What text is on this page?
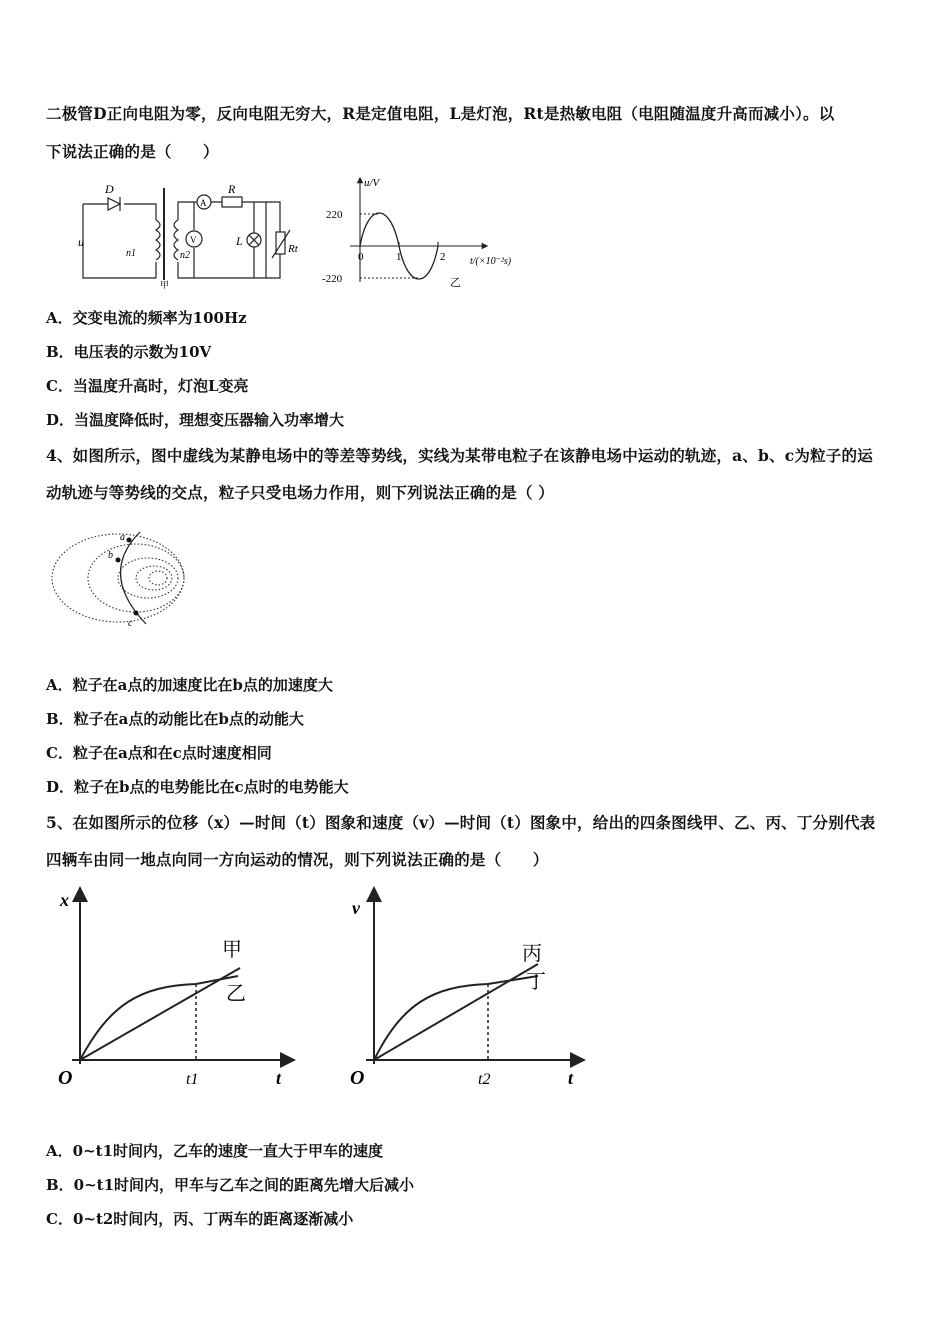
二极管D正向电阻为零，反向电阻无穷大，R是定值电阻，L是灯泡，Rt是热敏电阻（电阻随温度升高而减小）。以
下说法正确的是（　　）
D
u
n1	n2
A
V
R
L
Rt
甲
u/V
220
-220
0	1	2 t/(×10⁻²s)
乙
A．交变电流的频率为100Hz
B．电压表的示数为10V
C．当温度升高时，灯泡L变亮
D．当温度降低时，理想变压器输入功率增大
4、如图所示，图中虚线为某静电场中的等差等势线，实线为某带电粒子在该静电场中运动的轨迹，a、b、c为粒子的运
动轨迹与等势线的交点，粒子只受电场力作用，则下列说法正确的是（ ）
a
b
c
A．粒子在a点的加速度比在b点的加速度大
B．粒子在a点的动能比在b点的动能大
C．粒子在a点和在c点时速度相同
D．粒子在b点的电势能比在c点时的电势能大
5、在如图所示的位移（x）—时间（t）图象和速度（v）—时间（t）图象中，给出的四条图线甲、乙、丙、丁分别代表
四辆车由同一地点向同一方向运动的情况，则下列说法正确的是（　　）
x
t
O	t1
甲
乙
v
t
O	t2
丙
丁
A．0~t1时间内，乙车的速度一直大于甲车的速度
B．0~t1时间内，甲车与乙车之间的距离先增大后减小
C．0~t2时间内，丙、丁两车的距离逐渐减小
